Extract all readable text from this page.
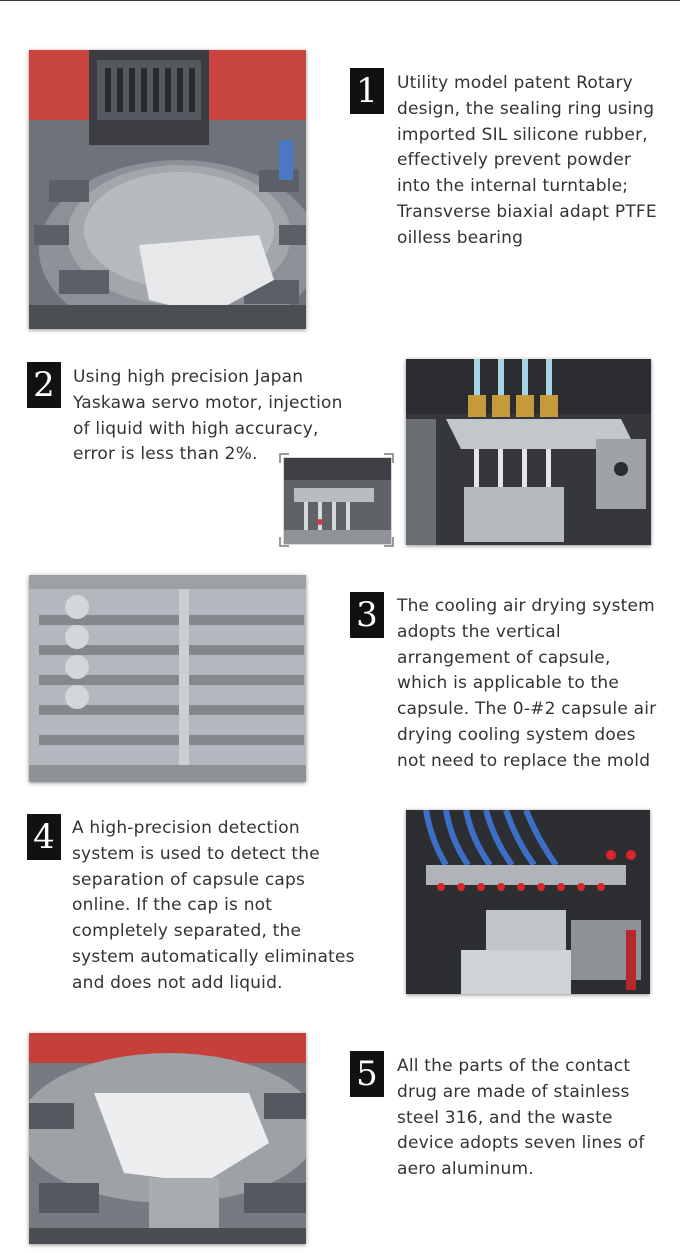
1	Utility model patent Rotary
design, the sealing ring using
imported SIL silicone rubber,
effectively prevent powder
into the internal turntable;
Transverse biaxial adapt PTFE
oilless bearing
2	Using high precision Japan
Yaskawa servo motor, injection
of liquid with high accuracy,
error is less than 2%.
3	The cooling air drying system
adopts the vertical
arrangement of capsule,
which is applicable to the
capsule. The 0-#2 capsule air
drying cooling system does
not need to replace the mold
4	A high-precision detection
system is used to detect the
separation of capsule caps
online. If the cap is not
completely separated, the
system automatically eliminates
and does not add liquid.
5	All the parts of the contact
drug are made of stainless
steel 316, and the waste
device adopts seven lines of
aero aluminum.
